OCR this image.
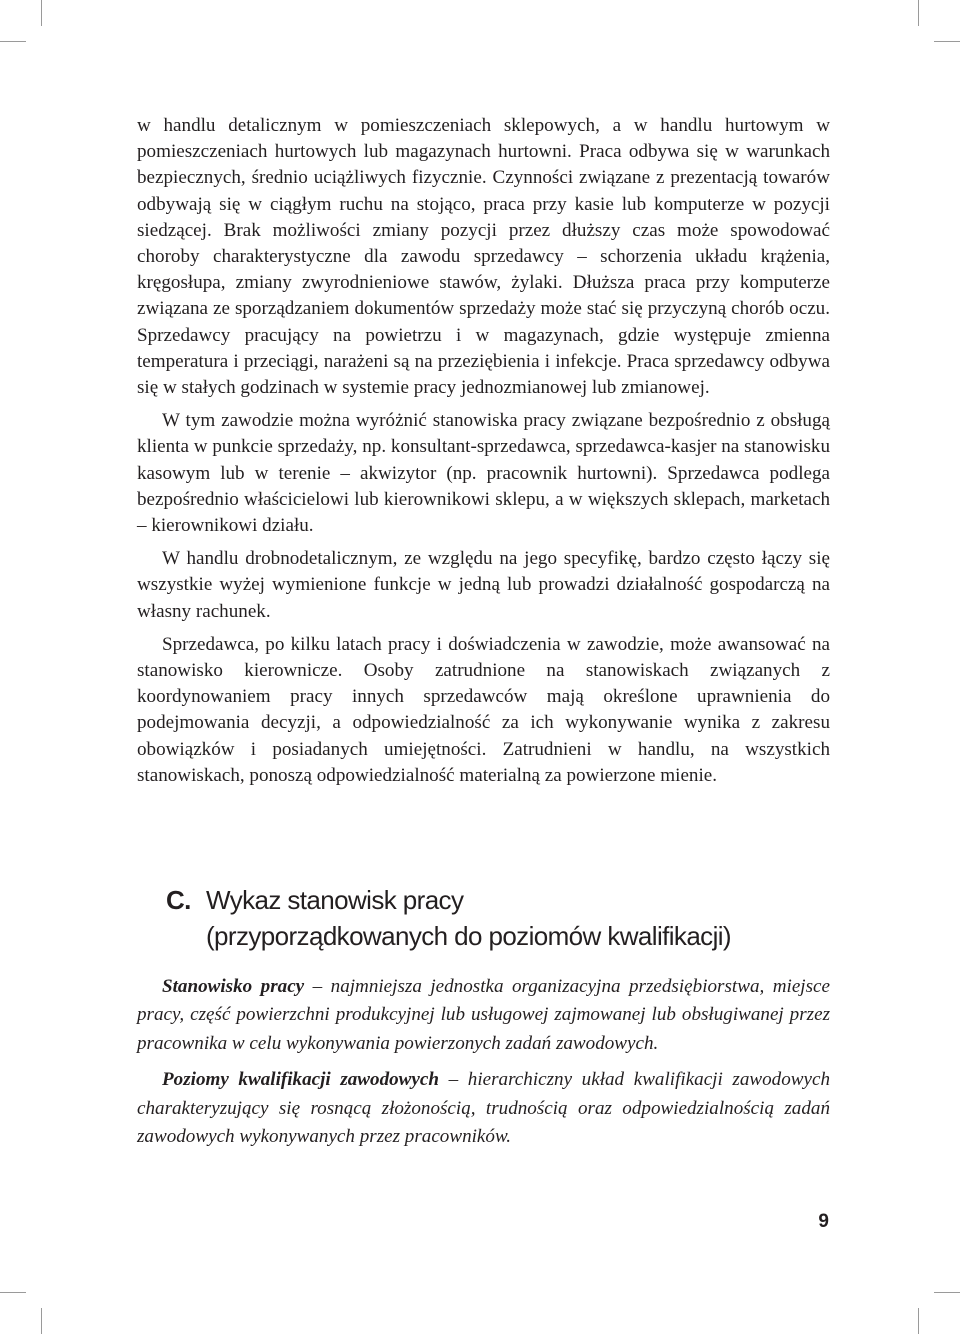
w handlu detalicznym w pomieszczeniach sklepowych, a w handlu hurtowym w pomieszczeniach hurtowych lub magazynach hurtowni. Praca odbywa się w warunkach bezpiecznych, średnio uciążliwych fizycznie. Czynności związane z prezentacją towarów odbywają się w ciągłym ruchu na stojąco, praca przy kasie lub komputerze w pozycji siedzącej. Brak możliwości zmiany pozycji przez dłuższy czas może spowodować choroby charakterystyczne dla zawodu sprzedawcy – schorzenia układu krążenia, kręgosłupa, zmiany zwyrodnieniowe stawów, żylaki. Dłuższa praca przy komputerze związana ze sporządzaniem dokumentów sprzedaży może stać się przyczyną chorób oczu. Sprzedawcy pracujący na powietrzu i w magazynach, gdzie występuje zmienna temperatura i przeciągi, narażeni są na przeziębienia i infekcje. Praca sprzedawcy odbywa się w stałych godzinach w systemie pracy jednozmianowej lub zmianowej.

W tym zawodzie można wyróżnić stanowiska pracy związane bezpośrednio z obsługą klienta w punkcie sprzedaży, np. konsultant-sprzedawca, sprzedawca-kasjer na stanowisku kasowym lub w terenie – akwizytor (np. pracownik hurtowni). Sprzedawca podlega bezpośrednio właścicielowi lub kierownikowi sklepu, a w większych sklepach, marketach – kierownikowi działu.

W handlu drobnodetalicznym, ze względu na jego specyfikę, bardzo często łączy się wszystkie wyżej wymienione funkcje w jedną lub prowadzi działalność gospodarczą na własny rachunek.

Sprzedawca, po kilku latach pracy i doświadczenia w zawodzie, może awansować na stanowisko kierownicze. Osoby zatrudnione na stanowiskach związanych z koordynowaniem pracy innych sprzedawców mają określone uprawnienia do podejmowania decyzji, a odpowiedzialność za ich wykonywanie wynika z zakresu obowiązków i posiadanych umiejętności. Zatrudnieni w handlu, na wszystkich stanowiskach, ponoszą odpowiedzialność materialną za powierzone mienie.

C. Wykaz stanowisk pracy
(przyporządkowanych do poziomów kwalifikacji)

Stanowisko pracy – najmniejsza jednostka organizacyjna przedsiębiorstwa, miejsce pracy, część powierzchni produkcyjnej lub usługowej zajmowanej lub obsługiwanej przez pracownika w celu wykonywania powierzonych zadań zawodowych.

Poziomy kwalifikacji zawodowych – hierarchiczny układ kwalifikacji zawodowych charakteryzujący się rosnącą złożonością, trudnością oraz odpowiedzialnością zadań zawodowych wykonywanych przez pracowników.

9
